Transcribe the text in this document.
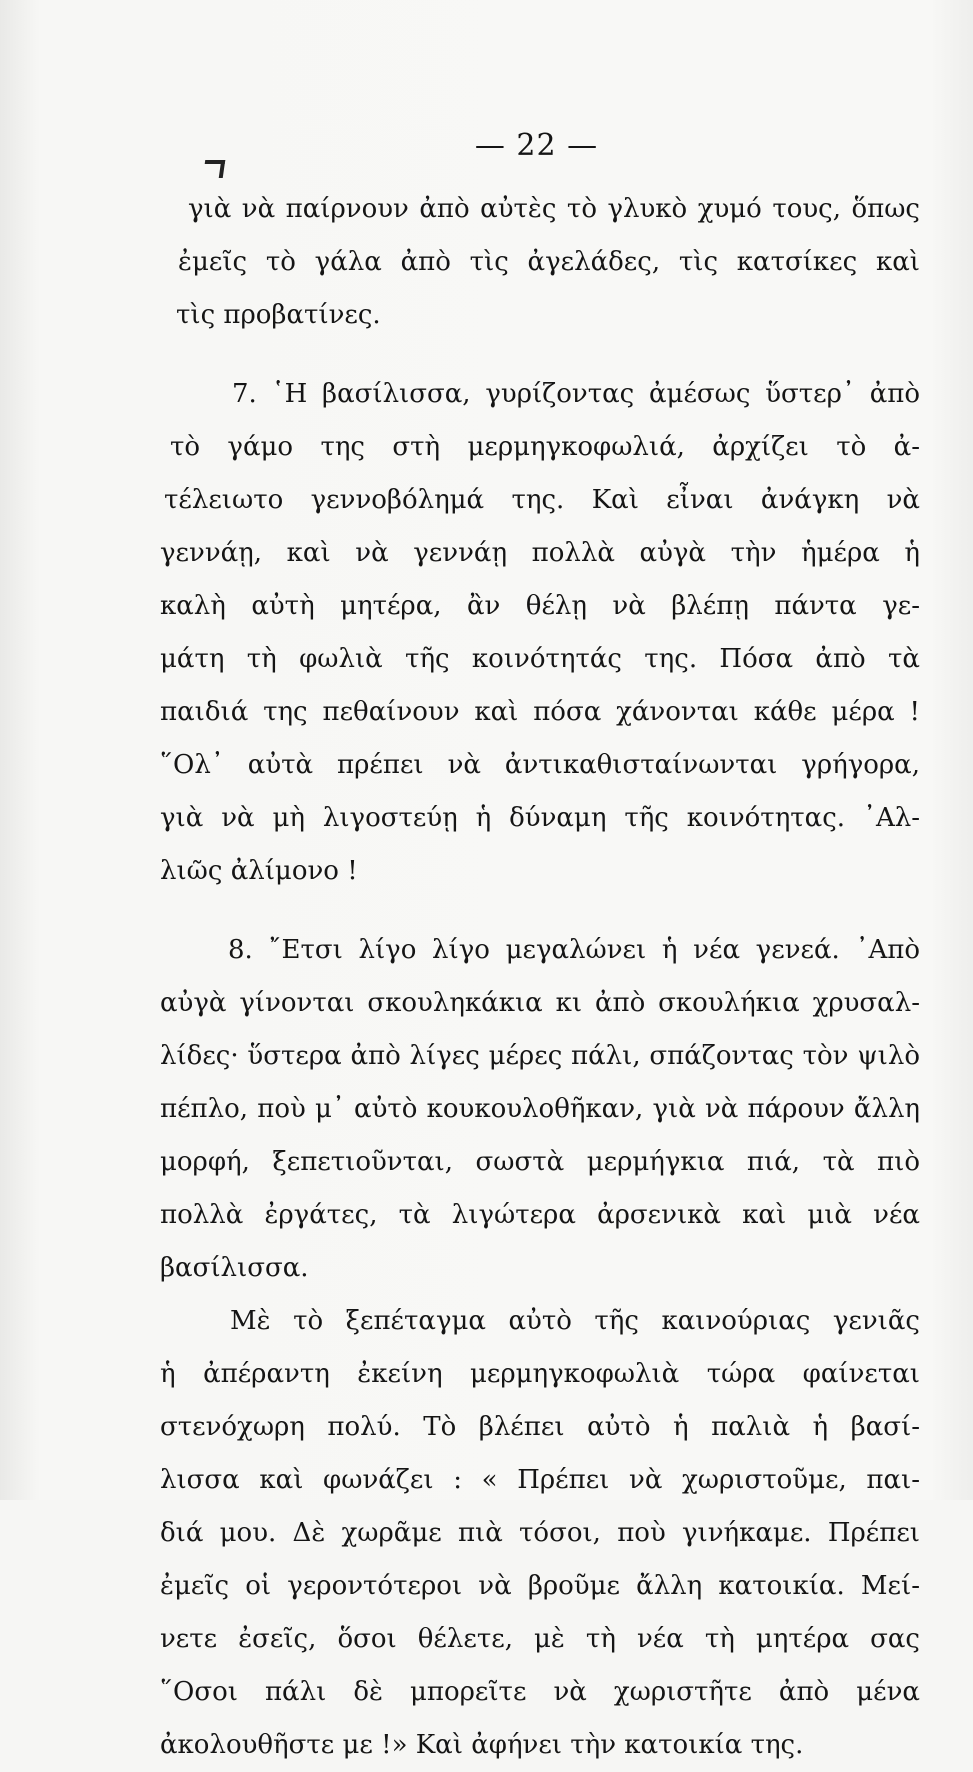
— 22 —
γιὰ νὰ παίρνουν ἀπὸ αὐτὲς τὸ γλυκὸ χυμό τους, ὅπως
ἐμεῖς τὸ γάλα ἀπὸ τὶς ἀγελάδες, τὶς κατσίκες καὶ
τὶς προβατίνες.
7. ῾Η βασίλισσα, γυρίζοντας ἀμέσως ὕστερ᾽ ἀπὸ
τὸ γάμο της στὴ μερμηγκοφωλιά, ἀρχίζει τὸ ἀ-
τέλειωτο γεννοβόλημά της. Καὶ εἶναι ἀνάγκη νὰ
γεννάῃ, καὶ νὰ γεννάῃ πολλὰ αὐγὰ τὴν ἡμέρα ἡ
καλὴ αὐτὴ μητέρα, ἂν θέλῃ νὰ βλέπῃ πάντα γε-
μάτη τὴ φωλιὰ τῆς κοινότητάς της. Πόσα ἀπὸ τὰ
παιδιά της πεθαίνουν καὶ πόσα χάνονται κάθε μέρα !
῞Ολ᾽ αὐτὰ πρέπει νὰ ἀντικαθισταίνωνται γρήγορα,
γιὰ νὰ μὴ λιγοστεύῃ ἡ δύναμη τῆς κοινότητας. ᾽Αλ-
λιῶς ἀλίμονο !
8. ῎Ετσι λίγο λίγο μεγαλώνει ἡ νέα γενεά. ᾽Απὸ
αὐγὰ γίνονται σκουληκάκια κι ἀπὸ σκουλήκια χρυσαλ-
λίδες· ὕστερα ἀπὸ λίγες μέρες πάλι, σπάζοντας τὸν ψιλὸ
πέπλο, ποὺ μ᾽ αὐτὸ κουκουλοθῆκαν, γιὰ νὰ πάρουν ἄλλη
μορφή, ξεπετιοῦνται, σωστὰ μερμήγκια πιά, τὰ πιὸ
πολλὰ ἐργάτες, τὰ λιγώτερα ἀρσενικὰ καὶ μιὰ νέα
βασίλισσα.
Μὲ τὸ ξεπέταγμα αὐτὸ τῆς καινούριας γενιᾶς
ἡ ἀπέραντη ἐκείνη μερμηγκοφωλιὰ τώρα φαίνεται
στενόχωρη πολύ. Τὸ βλέπει αὐτὸ ἡ παλιὰ ἡ βασί-
λισσα καὶ φωνάζει : « Πρέπει νὰ χωριστοῦμε, παι-
διά μου. Δὲ χωρᾶμε πιὰ τόσοι, ποὺ γινήκαμε. Πρέπει
ἐμεῖς οἱ γεροντότεροι νὰ βροῦμε ἄλλη κατοικία. Μεί-
νετε ἐσεῖς, ὅσοι θέλετε, μὲ τὴ νέα τὴ μητέρα σας
῞Οσοι πάλι δὲ μπορεῖτε νὰ χωριστῆτε ἀπὸ μένα
ἀκολουθῆστε με !» Καὶ ἀφήνει τὴν κατοικία της.
